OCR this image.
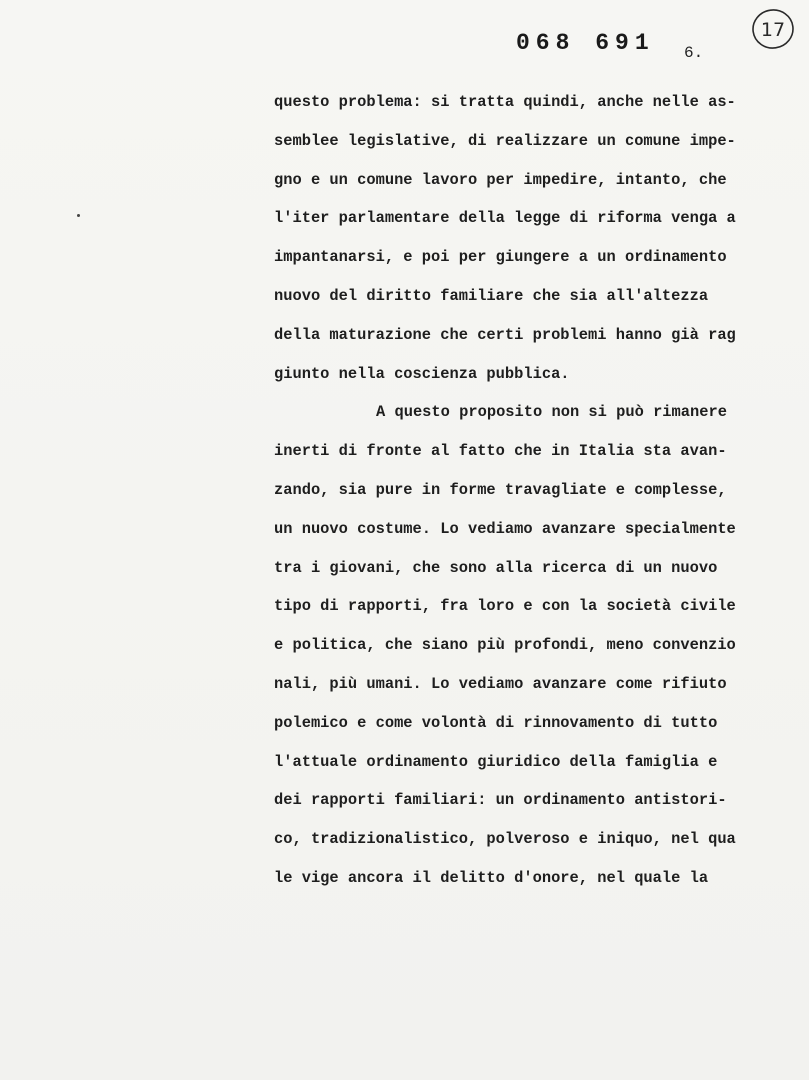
068 691 6.
17
questo problema: si tratta quindi, anche nelle as-
semblee legislative, di realizzare un comune impe-
gno e un comune lavoro per impedire, intanto, che
l'iter parlamentare della legge di riforma venga a
impantanarsi, e poi per giungere a un ordinamento
nuovo del diritto familiare che sia all'altezza
della maturazione che certi problemi hanno già rag
giunto nella coscienza pubblica.
A questo proposito non si può rimanere
inerti di fronte al fatto che in Italia sta avan-
zando, sia pure in forme travagliate e complesse,
un nuovo costume. Lo vediamo avanzare specialmente
tra i giovani, che sono alla ricerca di un nuovo
tipo di rapporti, fra loro e con la società civile
e politica, che siano più profondi, meno convenzio
nali, più umani. Lo vediamo avanzare come rifiuto
polemico e come volontà di rinnovamento di tutto
l'attuale ordinamento giuridico della famiglia e
dei rapporti familiari: un ordinamento antistori-
co, tradizionalistico, polveroso e iniquo, nel qua
le vige ancora il delitto d'onore, nel quale la
